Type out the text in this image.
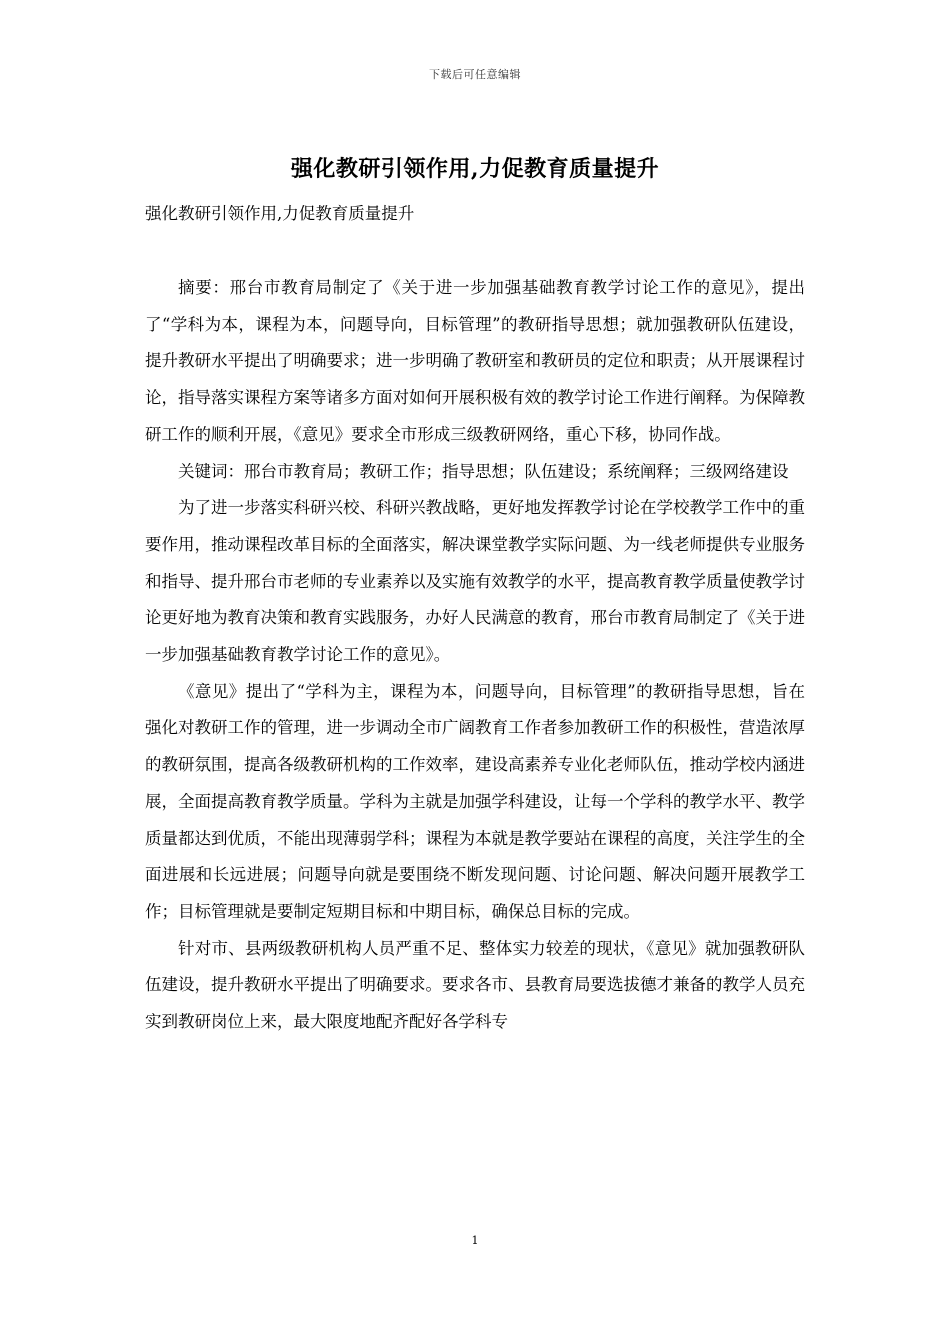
下载后可任意编辑
强化教研引领作用,力促教育质量提升
强化教研引领作用,力促教育质量提升

摘要：邢台市教育局制定了《关于进一步加强基础教育教学讨论工作的意见》，提出了“学科为本，课程为本，问题导向，目标管理”的教研指导思想；就加强教研队伍建设，提升教研水平提出了明确要求；进一步明确了教研室和教研员的定位和职责；从开展课程讨论，指导落实课程方案等诸多方面对如何开展积极有效的教学讨论工作进行阐释。为保障教研工作的顺利开展，《意见》要求全市形成三级教研网络，重心下移，协同作战。

关键词：邢台市教育局；教研工作；指导思想；队伍建设；系统阐释；三级网络建设

为了进一步落实科研兴校、科研兴教战略，更好地发挥教学讨论在学校教学工作中的重要作用，推动课程改革目标的全面落实，解决课堂教学实际问题、为一线老师提供专业服务和指导、提升邢台市老师的专业素养以及实施有效教学的水平，提高教育教学质量使教学讨论更好地为教育决策和教育实践服务，办好人民满意的教育，邢台市教育局制定了《关于进一步加强基础教育教学讨论工作的意见》。

《意见》提出了“学科为主，课程为本，问题导向，目标管理”的教研指导思想，旨在强化对教研工作的管理，进一步调动全市广阔教育工作者参加教研工作的积极性，营造浓厚的教研氛围，提高各级教研机构的工作效率，建设高素养专业化老师队伍，推动学校内涵进展，全面提高教育教学质量。学科为主就是加强学科建设，让每一个学科的教学水平、教学质量都达到优质，不能出现薄弱学科；课程为本就是教学要站在课程的高度，关注学生的全面进展和长远进展；问题导向就是要围绕不断发现问题、讨论问题、解决问题开展教学工作；目标管理就是要制定短期目标和中期目标，确保总目标的完成。

针对市、县两级教研机构人员严重不足、整体实力较差的现状，《意见》就加强教研队伍建设，提升教研水平提出了明确要求。要求各市、县教育局要选拔德才兼备的教学人员充实到教研岗位上来，最大限度地配齐配好各学科专

1
